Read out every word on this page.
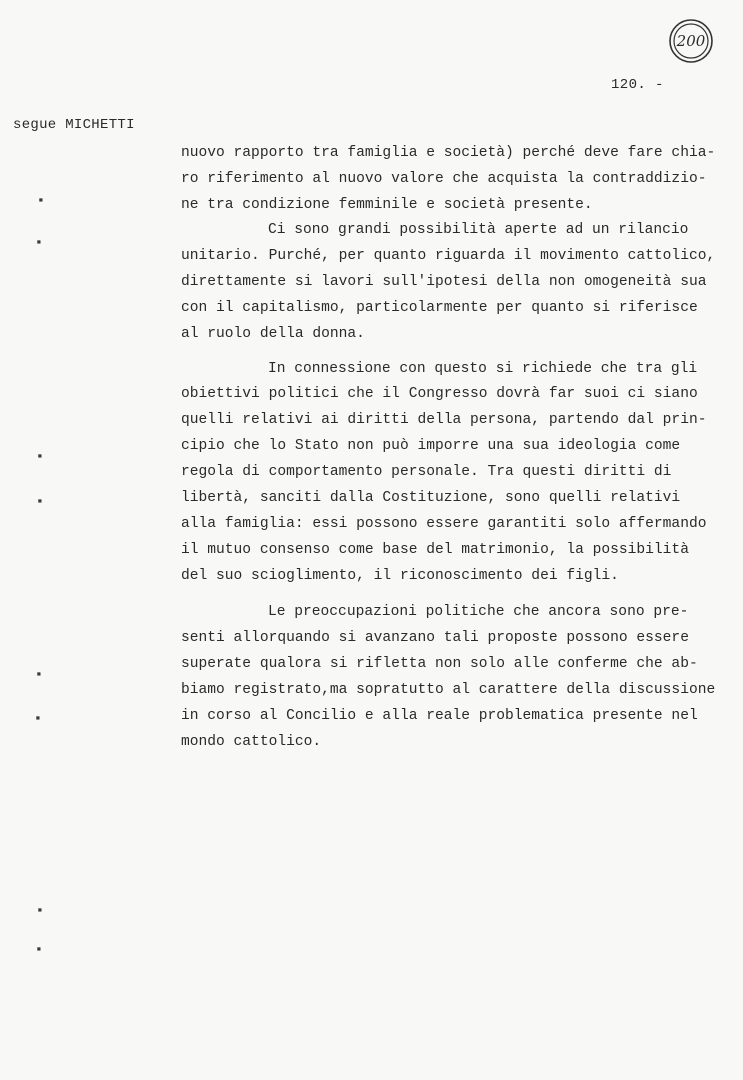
200
120. -
segue MICHETTI
nuovo rapporto tra famiglia e società) perché deve fare chia-
ro riferimento al nuovo valore che acquista la contraddizio-
ne tra condizione femminile e società presente.
Ci sono grandi possibilità aperte ad un rilancio
unitario. Purché, per quanto riguarda il movimento cattolico,
direttamente si lavori sull'ipotesi della non omogeneità sua
con il capitalismo, particolarmente per quanto si riferisce
al ruolo della donna.
In connessione con questo si richiede che tra gli
obiettivi politici che il Congresso dovrà far suoi ci siano
quelli relativi ai diritti della persona, partendo dal prin-
cipio che lo Stato non può imporre una sua ideologia come
regola di comportamento personale. Tra questi diritti di
libertà, sanciti dalla Costituzione, sono quelli relativi
alla famiglia: essi possono essere garantiti solo affermando
il mutuo consenso come base del matrimonio, la possibilità
del suo scioglimento, il riconoscimento dei figli.
Le preoccupazioni politiche che ancora sono pre-
senti allorquando si avanzano tali proposte possono essere
superate qualora si rifletta non solo alle conferme che ab-
biamo registrato,ma sopratutto al carattere della discussione
in corso al Concilio e alla reale problematica presente nel
mondo cattolico.
▪
▪
▪
▪
▪
▪
▪
▪
